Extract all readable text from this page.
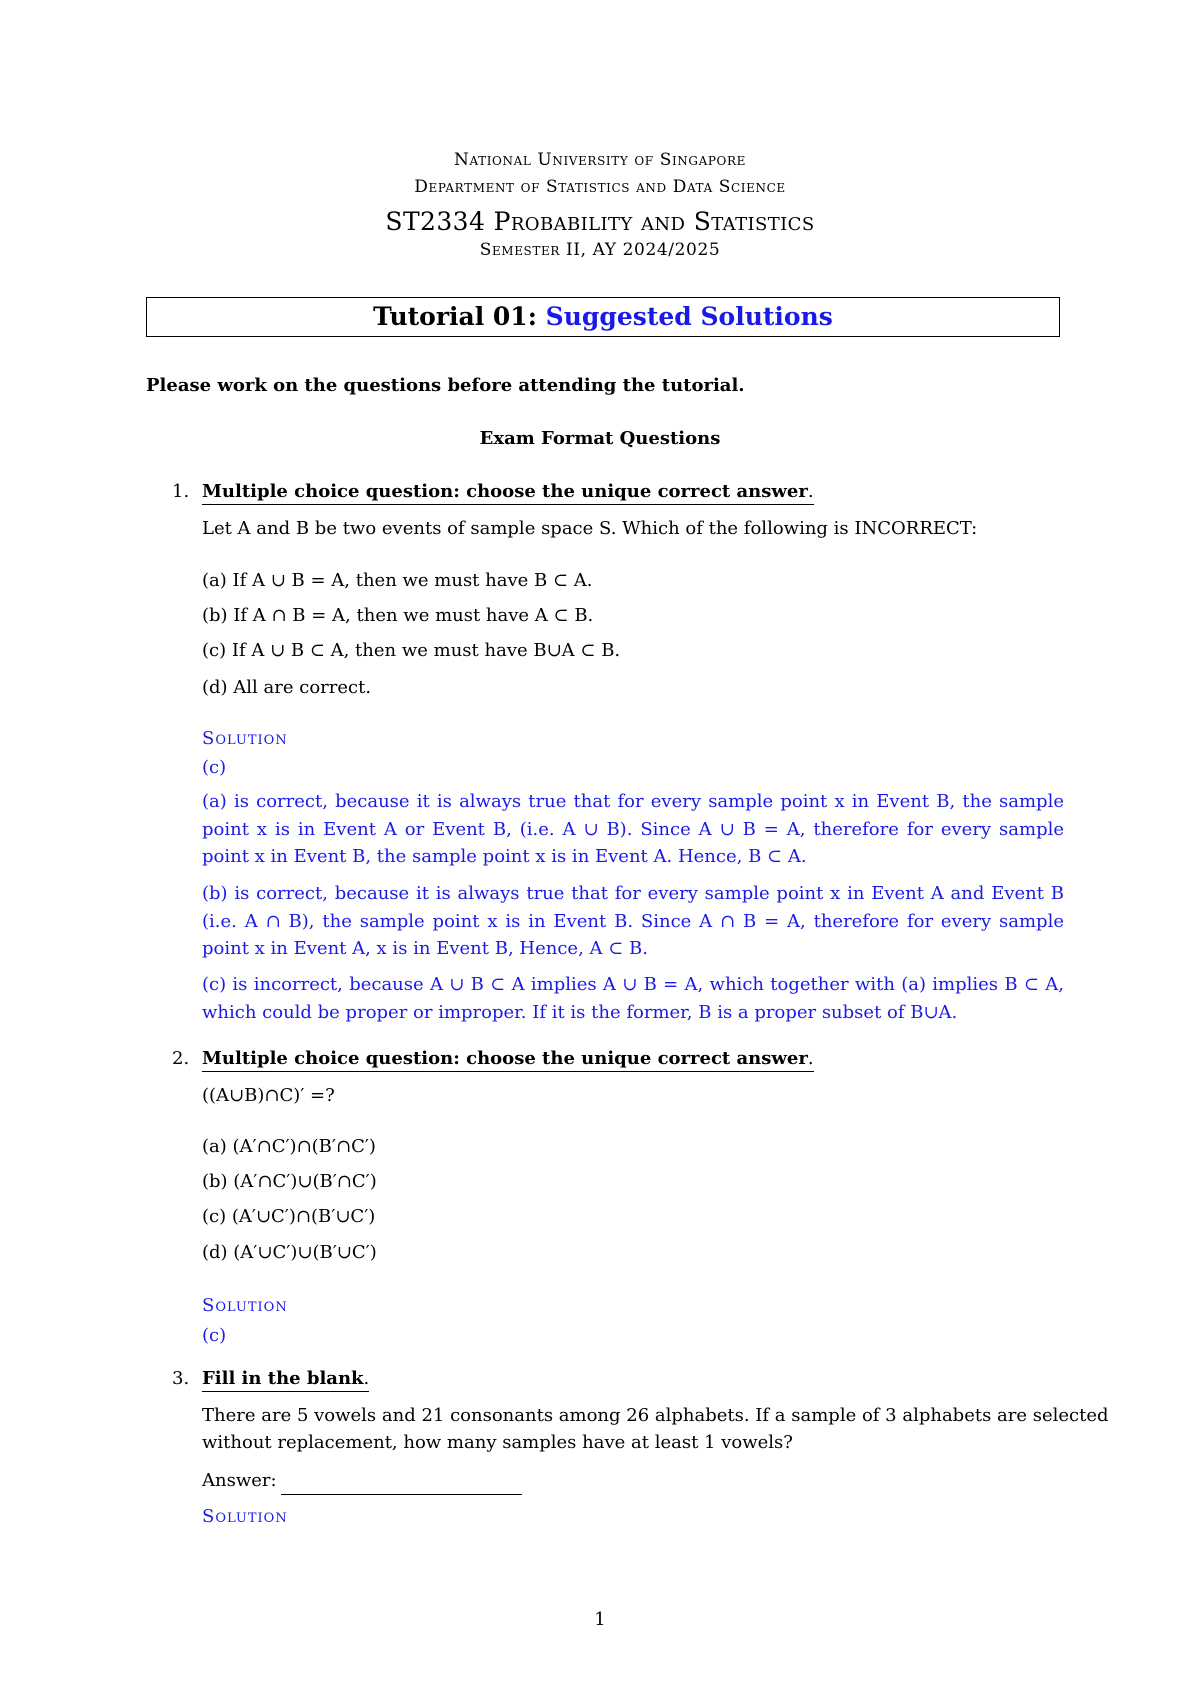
National University of Singapore
Department of Statistics and Data Science
ST2334 Probability and Statistics
Semester II, AY 2024/2025
Tutorial 01: Suggested Solutions
Please work on the questions before attending the tutorial.
Exam Format Questions
1. Multiple choice question: choose the unique correct answer.
Let A and B be two events of sample space S. Which of the following is INCORRECT:
(a) If A ∪ B = A, then we must have B ⊂ A.
(b) If A ∩ B = A, then we must have A ⊂ B.
(c) If A ∪ B ⊂ A, then we must have B∪A ⊂ B.
(d) All are correct.
Solution
(c)
(a) is correct, because it is always true that for every sample point x in Event B, the sample point x is in Event A or Event B, (i.e. A ∪ B). Since A ∪ B = A, therefore for every sample point x in Event B, the sample point x is in Event A. Hence, B ⊂ A.
(b) is correct, because it is always true that for every sample point x in Event A and Event B (i.e. A ∩ B), the sample point x is in Event B. Since A ∩ B = A, therefore for every sample point x in Event A, x is in Event B, Hence, A ⊂ B.
(c) is incorrect, because A ∪ B ⊂ A implies A ∪ B = A, which together with (a) implies B ⊂ A, which could be proper or improper. If it is the former, B is a proper subset of B∪A.
2. Multiple choice question: choose the unique correct answer.
((A∪B)∩C)′ =?
(a) (A′∩C′)∩(B′∩C′)
(b) (A′∩C′)∪(B′∩C′)
(c) (A′∪C′)∩(B′∪C′)
(d) (A′∪C′)∪(B′∪C′)
Solution
(c)
3. Fill in the blank.
There are 5 vowels and 21 consonants among 26 alphabets. If a sample of 3 alphabets are selected
without replacement, how many samples have at least 1 vowels?
Answer:
Solution
1
